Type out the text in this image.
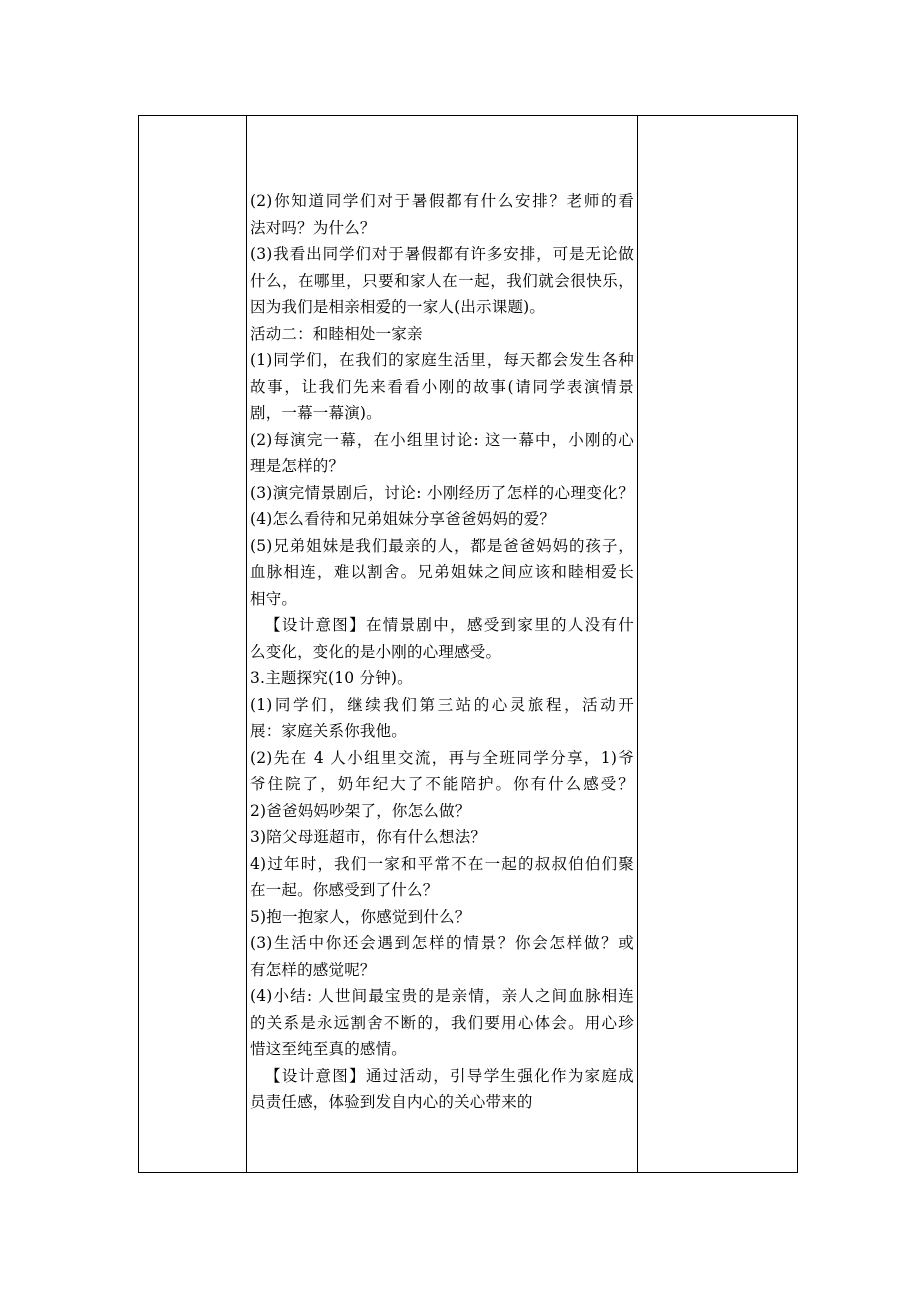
(2)你知道同学们对于暑假都有什么安排？老师的看
法对吗？为什么？
(3)我看出同学们对于暑假都有许多安排，可是无论做
什么，在哪里，只要和家人在一起，我们就会很快乐，
因为我们是相亲相爱的一家人(出示课题)。
活动二：和睦相处一家亲
(1)同学们，在我们的家庭生活里，每天都会发生各种
故事，让我们先来看看小刚的故事(请同学表演情景
剧，一幕一幕演)。
(2)每演完一幕，在小组里讨论: 这一幕中，小刚的心
理是怎样的？
(3)演完情景剧后，讨论: 小刚经历了怎样的心理变化？
(4)怎么看待和兄弟姐妹分享爸爸妈妈的爱？
(5)兄弟姐妹是我们最亲的人，都是爸爸妈妈的孩子，
血脉相连，难以割舍。兄弟姐妹之间应该和睦相爱长
相守。
【设计意图】在情景剧中，感受到家里的人没有什
么变化，变化的是小刚的心理感受。
3.主题探究(10 分钟)。
(1)同学们，继续我们第三站的心灵旅程，活动开
展：家庭关系你我他。
(2)先在 4 人小组里交流，再与全班同学分享，1)爷
爷住院了，奶年纪大了不能陪护。你有什么感受？
2)爸爸妈妈吵架了，你怎么做？
3)陪父母逛超市，你有什么想法？
4)过年时，我们一家和平常不在一起的叔叔伯伯们聚
在一起。你感受到了什么？
5)抱一抱家人，你感觉到什么？
(3)生活中你还会遇到怎样的情景？你会怎样做？或
有怎样的感觉呢？
(4)小结: 人世间最宝贵的是亲情，亲人之间血脉相连
的关系是永远割舍不断的，我们要用心体会。用心珍
惜这至纯至真的感情。
【设计意图】通过活动，引导学生强化作为家庭成
员责任感，体验到发自内心的关心带来的
